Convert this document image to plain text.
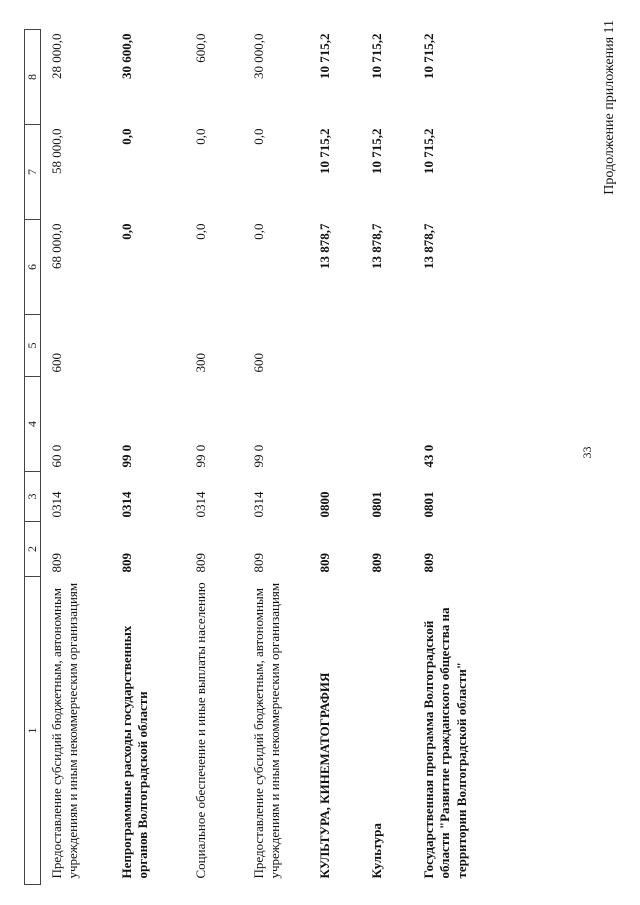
33
Продолжение приложения 11
1	2	3	4	5	6	7	8
Предоставление субсидий бюджетным, автономным учреждениям и иным некоммерческим организациям	809	0314	60 0	600	68 000,0	58 000,0	28 000,0
Непрограммные расходы государственных органов Волгоградской области	809	0314	99 0		0,0	0,0	30 600,0
Социальное обеспечение и иные выплаты населению	809	0314	99 0	300	0,0	0,0	600,0
Предоставление субсидий бюджетным, автономным учреждениям и иным некоммерческим организациям	809	0314	99 0	600	0,0	0,0	30 000,0
КУЛЬТУРА, КИНЕМАТОГРАФИЯ	809	0800			13 878,7	10 715,2	10 715,2
Культура	809	0801			13 878,7	10 715,2	10 715,2
Государственная программа Волгоградской области "Развитие гражданского общества на территории Волгоградской области"	809	0801	43 0		13 878,7	10 715,2	10 715,2
